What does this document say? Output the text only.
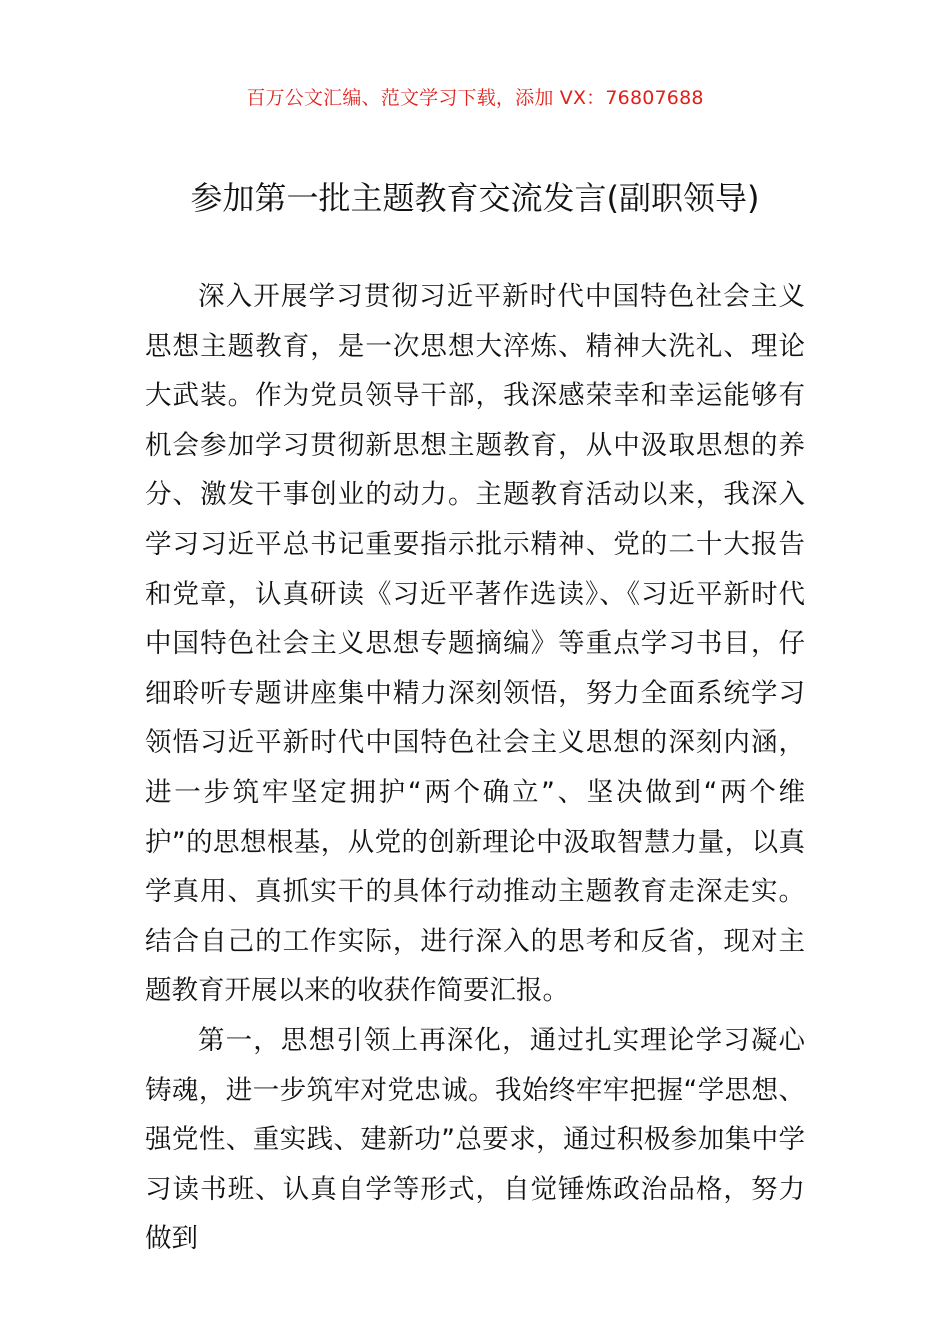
百万公文汇编、范文学习下载，添加 VX：76807688
参加第一批主题教育交流发言(副职领导)

深入开展学习贯彻习近平新时代中国特色社会主义思想主题教育，是一次思想大淬炼、精神大洗礼、理论大武装。作为党员领导干部，我深感荣幸和幸运能够有机会参加学习贯彻新思想主题教育，从中汲取思想的养分、激发干事创业的动力。主题教育活动以来，我深入学习习近平总书记重要指示批示精神、党的二十大报告和党章，认真研读《习近平著作选读》、《习近平新时代中国特色社会主义思想专题摘编》等重点学习书目，仔细聆听专题讲座集中精力深刻领悟，努力全面系统学习领悟习近平新时代中国特色社会主义思想的深刻内涵，进一步筑牢坚定拥护“两个确立”、坚决做到“两个维护”的思想根基，从党的创新理论中汲取智慧力量，以真学真用、真抓实干的具体行动推动主题教育走深走实。结合自己的工作实际，进行深入的思考和反省，现对主题教育开展以来的收获作简要汇报。

第一，思想引领上再深化，通过扎实理论学习凝心铸魂，进一步筑牢对党忠诚。我始终牢牢把握“学思想、强党性、重实践、建新功”总要求，通过积极参加集中学习读书班、认真自学等形式，自觉锤炼政治品格，努力做到
